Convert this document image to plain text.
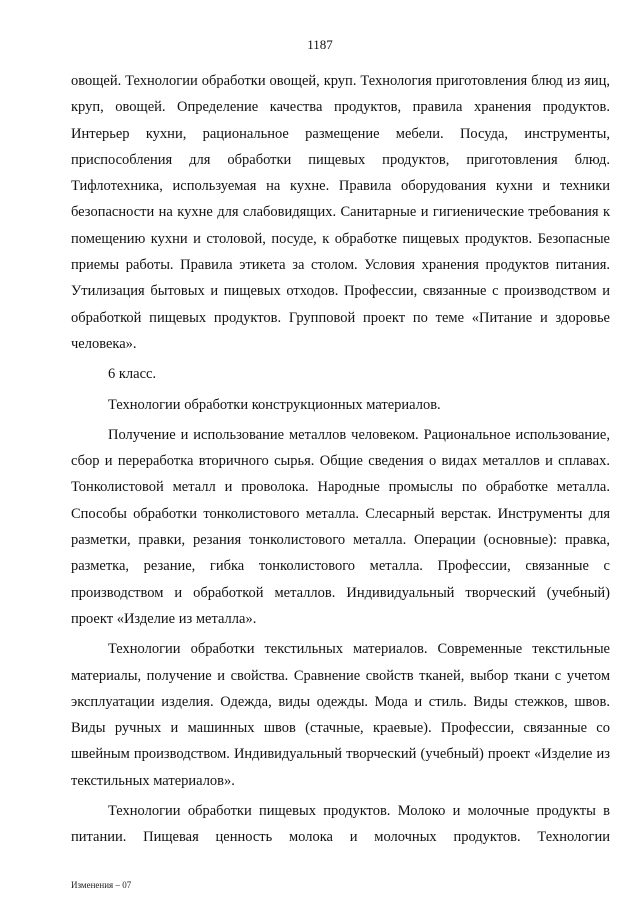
1187

овощей. Технологии обработки овощей, круп. Технология приготовления блюд из яиц, круп, овощей. Определение качества продуктов, правила хранения продуктов. Интерьер кухни, рациональное размещение мебели. Посуда, инструменты, приспособления для обработки пищевых продуктов, приготовления блюд. Тифлотехника, используемая на кухне. Правила оборудования кухни и техники безопасности на кухне для слабовидящих. Санитарные и гигиенические требования к помещению кухни и столовой, посуде, к обработке пищевых продуктов. Безопасные приемы работы. Правила этикета за столом. Условия хранения продуктов питания. Утилизация бытовых и пищевых отходов. Профессии, связанные с производством и обработкой пищевых продуктов. Групповой проект по теме «Питание и здоровье человека».

6 класс.

Технологии обработки конструкционных материалов.

Получение и использование металлов человеком. Рациональное использование, сбор и переработка вторичного сырья. Общие сведения о видах металлов и сплавах. Тонколистовой металл и проволока. Народные промыслы по обработке металла. Способы обработки тонколистового металла. Слесарный верстак. Инструменты для разметки, правки, резания тонколистового металла. Операции (основные): правка, разметка, резание, гибка тонколистового металла. Профессии, связанные с производством и обработкой металлов. Индивидуальный творческий (учебный) проект «Изделие из металла».

Технологии обработки текстильных материалов. Современные текстильные материалы, получение и свойства. Сравнение свойств тканей, выбор ткани с учетом эксплуатации изделия. Одежда, виды одежды. Мода и стиль. Виды стежков, швов. Виды ручных и машинных швов (стачные, краевые). Профессии, связанные со швейным производством. Индивидуальный творческий (учебный) проект «Изделие из текстильных материалов».

Технологии обработки пищевых продуктов. Молоко и молочные продукты в питании. Пищевая ценность молока и молочных продуктов. Технологии

Изменения – 07
